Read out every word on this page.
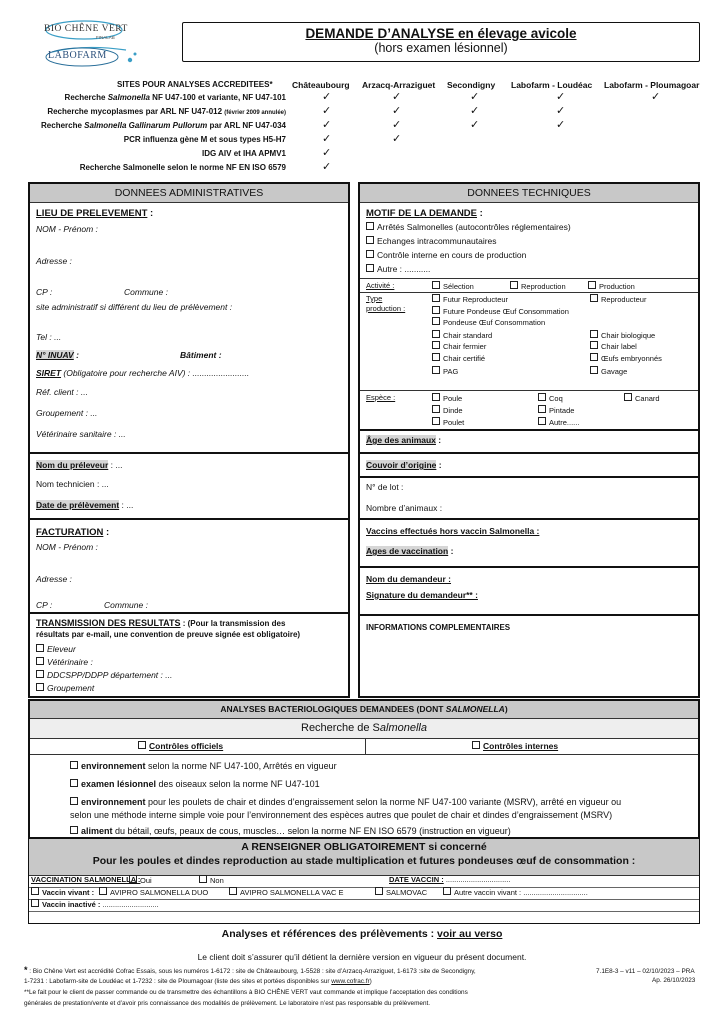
BIO CHÊNE VERT
FINALAB
LABOFARM
DEMANDE D’ANALYSE en élevage avicole
(hors examen lésionnel)
SITES POUR ANALYSES ACCREDITEES* Châteaubourg Arzacq-Arraziguet Secondigny Labofarm - Loudéac Labofarm - Ploumagoar
Recherche Salmonella NF U47-100 et variante, NF U47-101	✓	✓	✓	✓	✓
Recherche mycoplasmes par ARL NF U47-012 (février 2009 annulée)	✓	✓	✓	✓
Recherche Salmonella Gallinarum Pullorum par ARL NF U47-034	✓	✓	✓	✓
PCR influenza gène M et sous types H5-H7	✓	✓
IDG AIV et IHA APMV1	✓
Recherche Salmonelle selon le norme NF EN ISO 6579	✓
DONNEES ADMINISTRATIVES
LIEU DE PRELEVEMENT :
NOM - Prénom :
Adresse :
CP :	Commune :
site administratif si différent du lieu de prélèvement :
Tel : ...
N° INUAV :	Bâtiment :
SIRET (Obligatoire pour recherche AIV) : ........................
Réf. client : ...
Groupement : ...
Vétérinaire sanitaire : ...
Nom du préleveur : ...
Nom technicien : ...
Date de prélèvement : ...
FACTURATION :
NOM - Prénom :
Adresse :
CP :	Commune :
TRANSMISSION DES RESULTATS : (Pour la transmission des
résultats par e-mail, une convention de preuve signée est obligatoire)
Eleveur
Vétérinaire :
DDCSPP/DDPP département : ...
Groupement
DONNEES TECHNIQUES
MOTIF DE LA DEMANDE :
Arrêtés Salmonelles (autocontrôles réglementaires)
Echanges intracommunautaires
Contrôle interne en cours de production
Autre : ...........
Activité :	Sélection	Reproduction	Production
Type
production :
Futur Reproducteur	Reproducteur
Future Pondeuse Œuf Consommation
Pondeuse Œuf Consommation
Chair standard	Chair biologique
Chair fermier	Chair label
Chair certifié	Œufs embryonnés
PAG	Gavage
Espèce :	Poule	Coq	Canard
Dinde	Pintade
Poulet	Autre......
Âge des animaux :
Couvoir d’origine :
N° de lot :
Nombre d’animaux :
Vaccins effectués hors vaccin Salmonella :
Ages de vaccination :
Nom du demandeur :
Signature du demandeur** :
INFORMATIONS COMPLEMENTAIRES
ANALYSES BACTERIOLOGIQUES DEMANDEES (DONT SALMONELLA)
Recherche de Salmonella
Contrôles officiels	Contrôles internes
environnement selon la norme NF U47-100, Arrêtés en vigueur
examen lésionnel des oiseaux selon la norme NF U47-101
environnement pour les poulets de chair et dindes d’engraissement selon la norme NF U47-100 variante (MSRV), arrêté en vigueur ou
selon une méthode interne simple voie pour l’environnement des espèces autres que poulet de chair et dindes d’engraissement (MSRV)
aliment du bétail, œufs, peaux de cous, muscles… selon la norme NF EN ISO 6579 (instruction en vigueur)
A RENSEIGNER OBLIGATOIREMENT si concerné
Pour les poules et dindes reproduction au stade multiplication et futures pondeuses œuf de consommation :
VACCINATION SALMONELLA : Oui	Non	DATE VACCIN : ...............................
Vaccin vivant :	AVIPRO SALMONELLA DUO	AVIPRO SALMONELLA VAC E	SALMOVAC	Autre vaccin vivant : ...............................
Vaccin inactivé : ...........................
Analyses et références des prélèvements : voir au verso
Le client doit s’assurer qu’il détient la dernière version en vigueur du présent document.
* : Bio Chêne Vert est accrédité Cofrac Essais, sous les numéros 1-6172 : site de Châteaubourg, 1-5528 : site d’Arzacq-Arraziguet, 1-6173 :site de Secondigny,
1-7231 : Labofarm-site de Loudéac et 1-7232 : site de Ploumagoar (liste des sites et portées disponibles sur www.cofrac.fr)
**Le fait pour le client de passer commande ou de transmettre des échantillons à BIO CHÊNE VERT vaut commande et implique l’acceptation des conditions
générales de prestation/vente et d’avoir pris connaissance des modalités de prélèvement. Le laboratoire n’est pas responsable du prélèvement.
7.1E8-3 – v11 – 02/10/2023 – PRA
Ap. 26/10/2023
